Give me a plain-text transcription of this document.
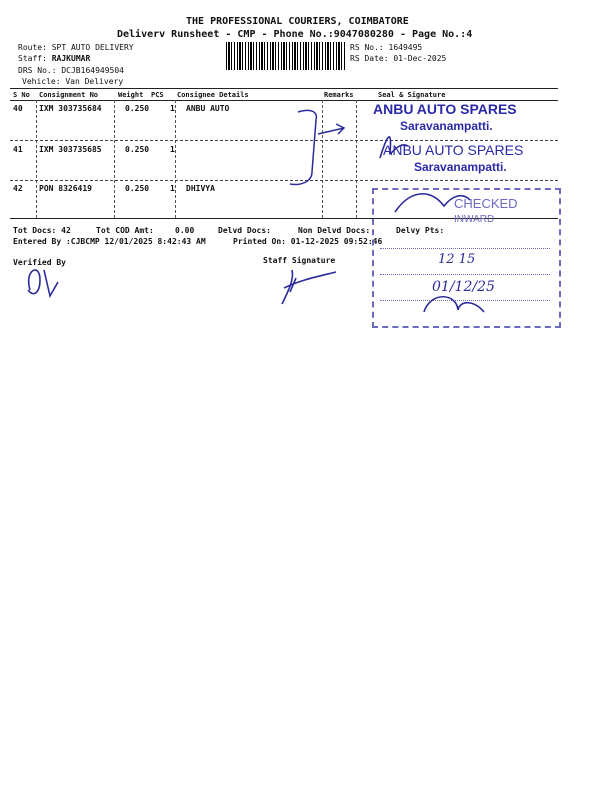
THE PROFESSIONAL COURIERS, COIMBATORE
Deliverv Runsheet - CMP - Phone No.:9047080280 - Page No.:4
Route: SPT AUTO DELIVERY
Staff: RAJKUMAR
DRS No.: DCJB164949504
Vehicle: Van Delivery
RS No.: 1649495
RS Date: 01-Dec-2025
S No Consignment No	Weight PCS Consignee Details	Remarks	Seal & Signature
40 IXM 303735684	0.250	1 ANBU AUTO
41 IXM 303735685	0.250	1
42 PON 8326419	0.250	1 DHIVYA
Tot Docs: 42	Tot COD Amt:	0.00	Delvd Docs:	Non Delvd Docs:	Delvy Pts:
Entered By :CJBCMP 12/01/2025 8:42:43 AM	Printed On: 01-12-2025 09:52:46
Verified By	Staff Signature
ANBU AUTO SPARES
Saravanampatti.
ANBU AUTO SPARES
Saravanampatti.
CHECKED
INWARD
12 15
01/12/25
